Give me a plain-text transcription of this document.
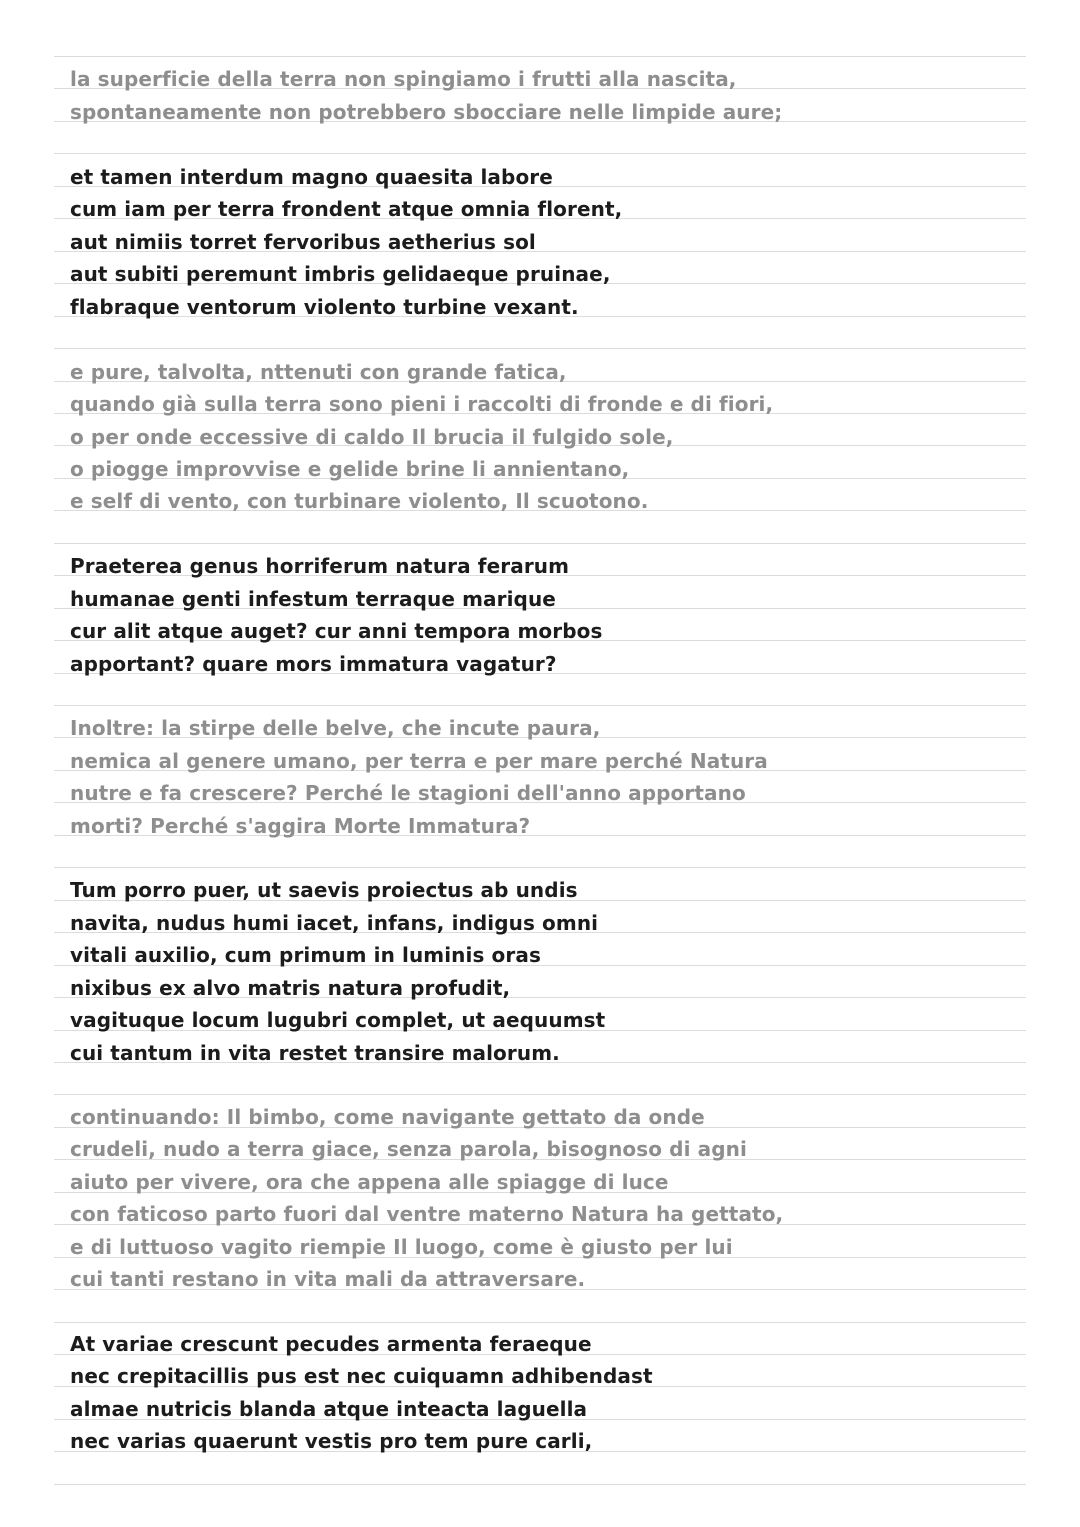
la superficie della terra non spingiamo i frutti alla nascita,
spontaneamente non potrebbero sbocciare nelle limpide aure;
et tamen interdum magno quaesita labore
cum iam per terra frondent atque omnia florent,
aut nimiis torret fervoribus aetherius sol
aut subiti peremunt imbris gelidaeque pruinae,
flabraque ventorum violento turbine vexant.
e pure, talvolta, nttenuti con grande fatica,
quando già sulla terra sono pieni i raccolti di fronde e di fiori,
o per onde eccessive di caldo Il brucia il fulgido sole,
o piogge improvvise e gelide brine li annientano,
e self di vento, con turbinare violento, Il scuotono.
Praeterea genus horriferum natura ferarum
humanae genti infestum terraque marique
cur alit atque auget? cur anni tempora morbos
apportant? quare mors immatura vagatur?
Inoltre: la stirpe delle belve, che incute paura,
nemica al genere umano, per terra e per mare perché Natura
nutre e fa crescere? Perché le stagioni dell'anno apportano
morti? Perché s'aggira Morte Immatura?
Tum porro puer, ut saevis proiectus ab undis
navita, nudus humi iacet, infans, indigus omni
vitali auxilio, cum primum in luminis oras
nixibus ex alvo matris natura profudit,
vagituque locum lugubri complet, ut aequumst
cui tantum in vita restet transire malorum.
continuando: Il bimbo, come navigante gettato da onde
crudeli, nudo a terra giace, senza parola, bisognoso di agni
aiuto per vivere, ora che appena alle spiagge di luce
con faticoso parto fuori dal ventre materno Natura ha gettato,
e di luttuoso vagito riempie Il luogo, come è giusto per lui
cui tanti restano in vita mali da attraversare.
At variae crescunt pecudes armenta feraeque
nec crepitacillis pus est nec cuiquamn adhibendast
almae nutricis blanda atque inteacta laguella
nec varias quaerunt vestis pro tem pure carli,
